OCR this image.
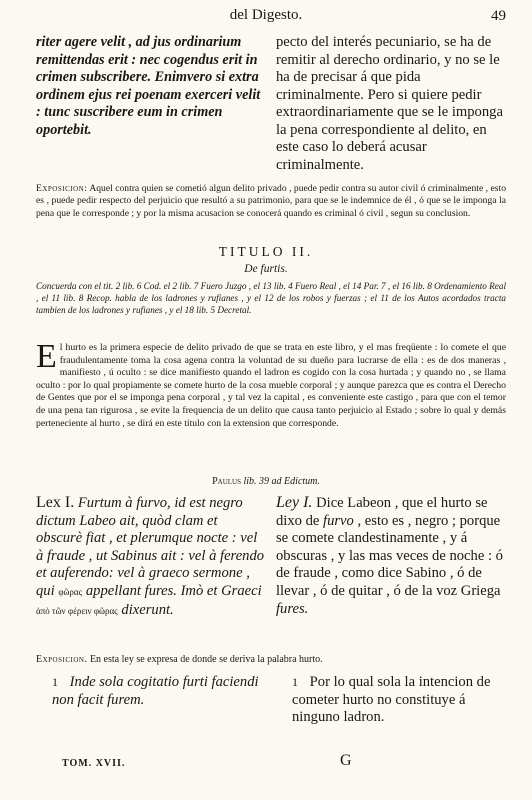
del Digesto.	49
riter agere velit , ad jus ordinarium remittendas erit : nec cogendus erit in crimen subscribere. Enimvero si extra ordinem ejus rei poenam exerceri velit : tunc suscribere eum in crimen oportebit.
pecto del interés pecuniario, se ha de remitir al derecho ordinario, y no se le ha de precisar á que pida criminalmente. Pero si quiere pedir extraordinariamente que se le imponga la pena correspondiente al delito, en este caso lo deberá acusar criminalmente.
Exposicion: Aquel contra quien se cometió algun delito privado , puede pedir contra su autor civil ó criminalmente , esto es , puede pedir respecto del perjuicio que resultó a su patrimonio, para que se le indemnice de él , ó que se le imponga la pena que le corresponde ; y por la misma acusacion se conocerá quando es criminal ó civil , segun su conclusion.
TITULO II.
De furtis.
Concuerda con el tit. 2 lib. 6 Cod. el 2 lib. 7 Fuero Juzgo , el 13 lib. 4 Fuero Real , el 14 Par. 7 , el 16 lib. 8 Ordenamiento Real , el 11 lib. 8 Recop. habla de los ladrones y rufianes , y el 12 de los robos y fuerzas ; el 11 de los Autos acordados tracta tambien de los ladrones y rufianes , y el 18 lib. 5 Decretal.
E l hurto es la primera especie de delito privado de que se trata en este libro, y el mas freqüente : lo comete el que fraudulentamente toma la cosa agena contra la voluntad de su dueño para lucrarse de ella : es de dos maneras , manifiesto , ú oculto : se dice manifiesto quando el ladron es cogido con la cosa hurtada ; y quando no , se llama oculto : por lo qual propiamente se comete hurto de la cosa mueble corporal ; y aunque parezca que es contra el Derecho de Gentes que por el se imponga pena corporal , y tal vez la capital , es conveniente este castigo , para que con el temor de una pena tan rigurosa , se evite la frequencia de un delito que causa tanto perjuicio al Estado ; sobre lo qual y demás perteneciente al hurto , se dirá en este título con la extension que corresponde.
Paulus lib. 39 ad Edictum.
Lex I. Furtum à furvo, id est negro dictum Labeo ait, quòd clam et obscurè fiat , et plerumque nocte : vel à fraude , ut Sabinus ait : vel à ferendo et auferendo: vel à graeco sermone , qui φῶρας appellant fures. Imò et Graeci ἀπὸ τῶν φέρειν φῶρας dixerunt.
Ley I. Dice Labeon , que el hurto se dixo de furvo , esto es , negro ; porque se comete clandestinamente , y á obscuras , y las mas veces de noche : ó de fraude , como dice Sabino , ó de llevar , ó de quitar , ó de la voz Griega fures.
Exposicion. En esta ley se expresa de donde se deriva la palabra hurto.
1 Inde sola cogitatio furti faciendi non facit furem.
1 Por lo qual sola la intencion de cometer hurto no constituye á ninguno ladron.
TOM. XVII.	G
